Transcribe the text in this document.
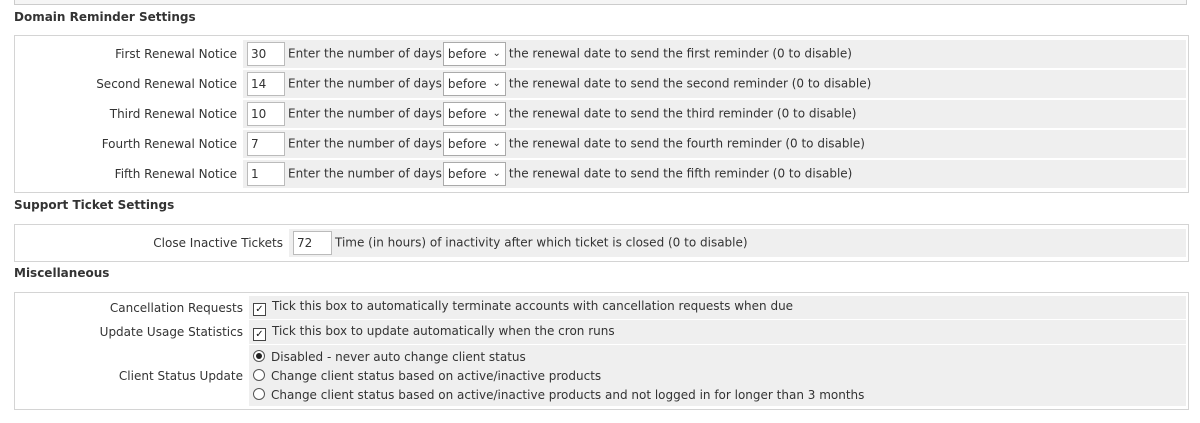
Domain Reminder Settings
First Renewal Notice	30Enter the number of days before ⌄ the renewal date to send the first reminder (0 to disable)
Second Renewal Notice	14Enter the number of days before ⌄ the renewal date to send the second reminder (0 to disable)
Third Renewal Notice	10Enter the number of days before ⌄ the renewal date to send the third reminder (0 to disable)
Fourth Renewal Notice	7Enter the number of days before ⌄ the renewal date to send the fourth reminder (0 to disable)
Fifth Renewal Notice	1Enter the number of days before ⌄ the renewal date to send the fifth reminder (0 to disable)
Support Ticket Settings
Close Inactive Tickets	72Time (in hours) of inactivity after which ticket is closed (0 to disable)
Miscellaneous
Cancellation Requests	✓ Tick this box to automatically terminate accounts with cancellation requests when due
Update Usage Statistics	✓ Tick this box to update automatically when the cron runs
Client Status Update	Disabled - never auto change client status
Change client status based on active/inactive products
Change client status based on active/inactive products and not logged in for longer than 3 months
